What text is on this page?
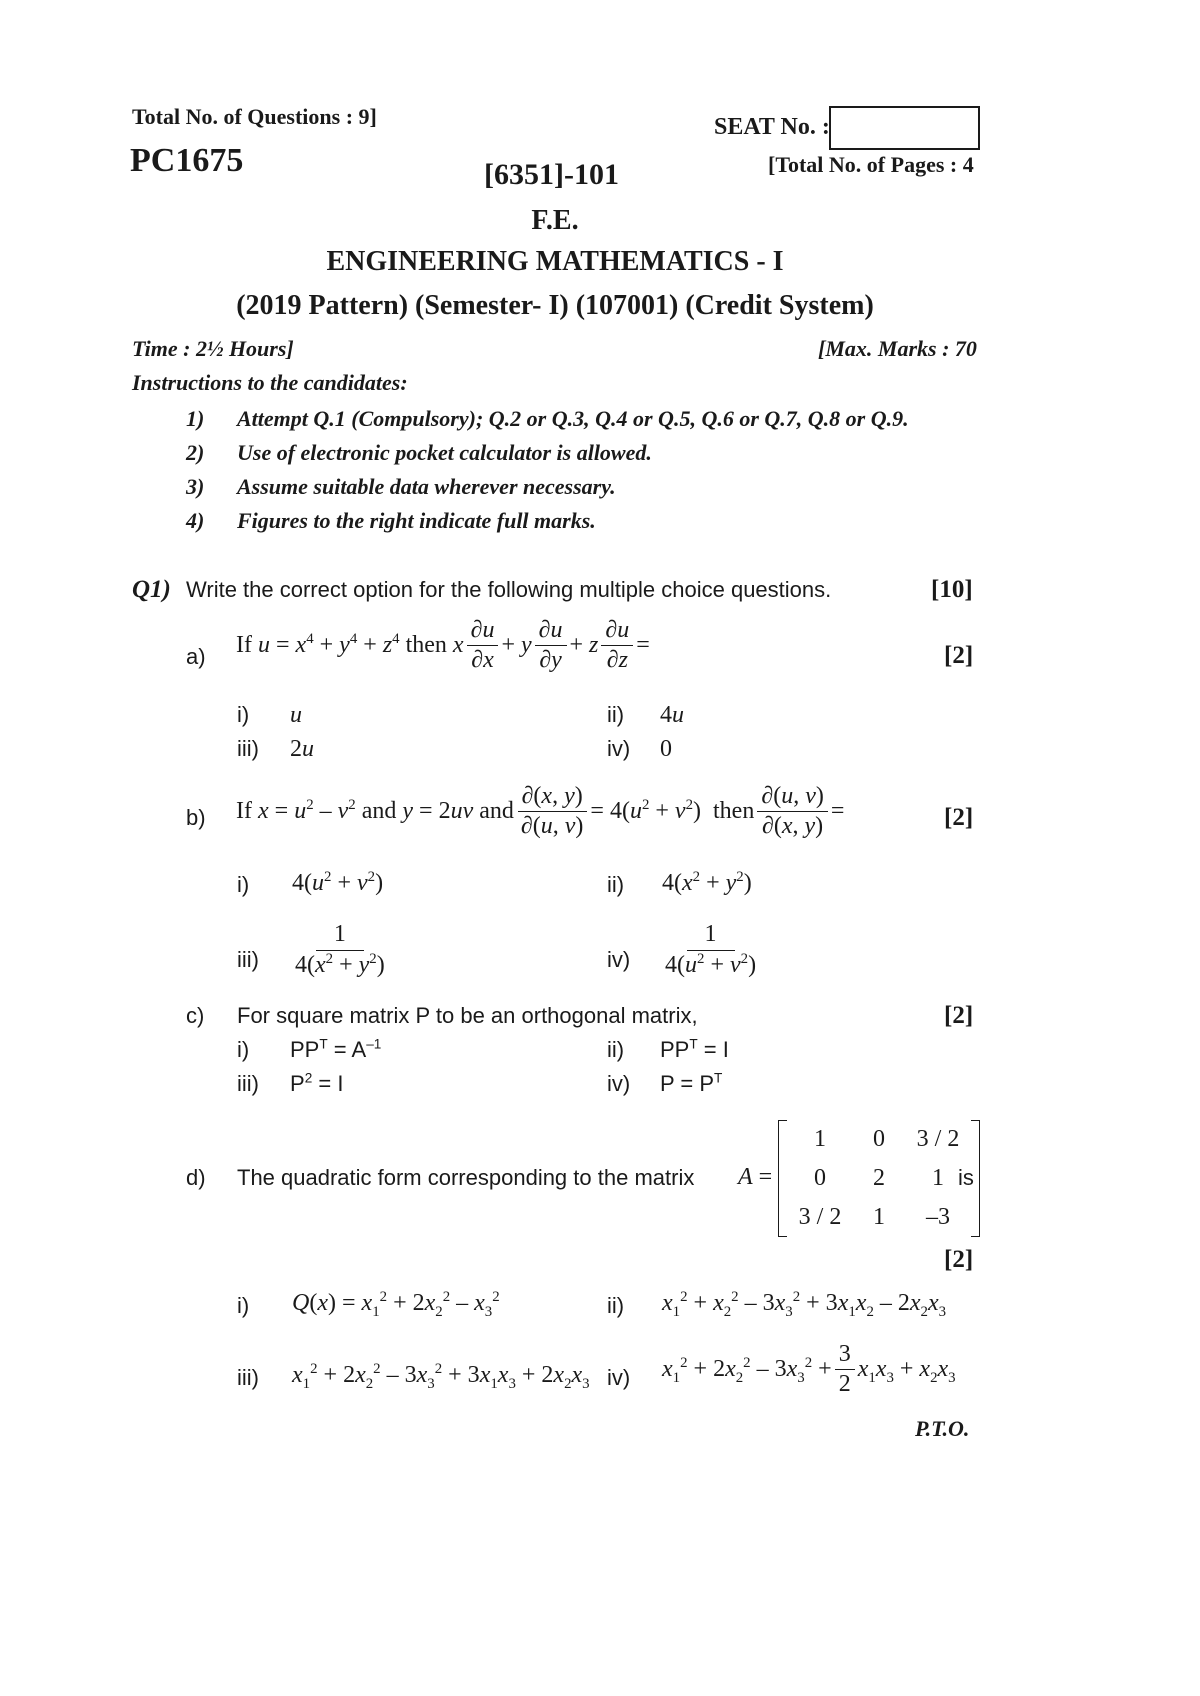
Total No. of Questions : 9]	SEAT No. :
PC1675	[6351]-101	[Total No. of Pages : 4
F.E.
ENGINEERING MATHEMATICS - I
(2019 Pattern) (Semester- I) (107001) (Credit System)
Time : 2½ Hours]	[Max. Marks : 70
Instructions to the candidates:
1) Attempt Q.1 (Compulsory); Q.2 or Q.3, Q.4 or Q.5, Q.6 or Q.7, Q.8 or Q.9.
2) Use of electronic pocket calculator is allowed.
3) Assume suitable data wherever necessary.
4) Figures to the right indicate full marks.
Q1) Write the correct option for the following multiple choice questions.	[10]
a) If $u = x^4 + y^4 + z^4$ then x $\frac{\partial u}{\partial x} + y \frac{\partial u}{\partial y} + z \frac{\partial u}{\partial z}$ =	[2]
i) u	ii) 4u
iii) 2u	iv) 0
b) If $x = u^2 - v^2$ and y = 2uv and $\frac{\partial(x, y)}{\partial(u, v)} = 4(u^2 + v^2)$  then $\frac{\partial(u, v)}{\partial(x, y)}$ =	[2]
i) $4(u^2 + v^2)$	ii) $4(x^2 + y^2)$
$iii) \frac{1}{4(x^2 + y^2)}$	$iv) \frac{1}{4(u^2 + v^2)}$
c) For square matrix P to be an orthogonal matrix,	[2]
i) $PP^T = A^{-1}$	ii) $PP^T = I$
iii) $P^2 = I$	iv) $P = P^T$
d) The quadratic form corresponding to the matrix A =
1	0	3 / 2
0	2	1
3 / 2	1	–3
is
[2]
i) $Q(x) = x_1^2 + 2x_2^2 - x_3^2$	ii) $x_1^2 + x_2^2 - 3x_3^2 + 3x_1x_2 - 2x_2x_3$
iii) $x_1^2 + 2x_2^2 - 3x_3^2 + 3x_1x_3 + 2x_2x_3$ iv) $x_1^2 + 2x_2^2 - 3x_3^2 + \frac{3}{2} x_1x_3 + x_2x_3$
P.T.O.
